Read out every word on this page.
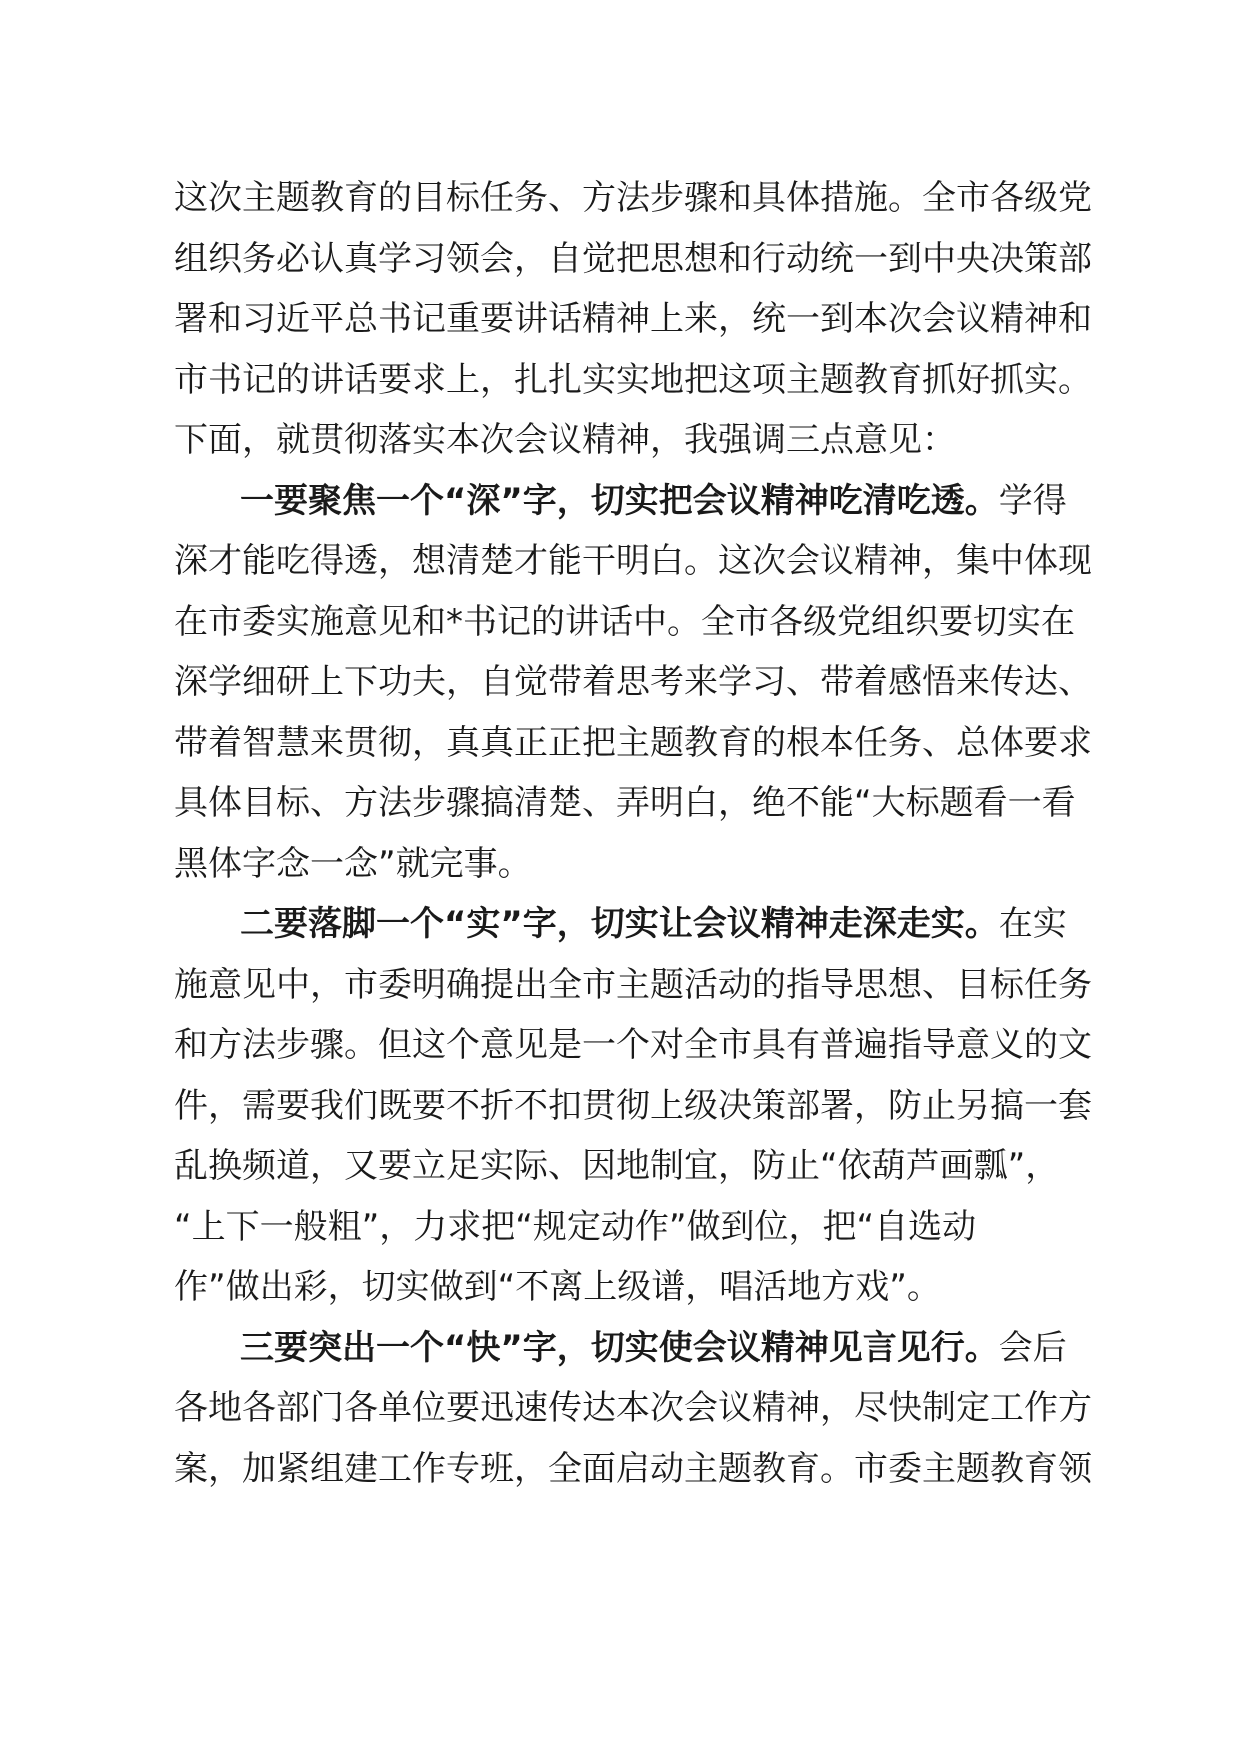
这次主题教育的目标任务、方法步骤和具体措施。全市各级党
组织务必认真学习领会，自觉把思想和行动统一到中央决策部
署和习近平总书记重要讲话精神上来，统一到本次会议精神和
市书记的讲话要求上，扎扎实实地把这项主题教育抓好抓实。
下面，就贯彻落实本次会议精神，我强调三点意见：
一要聚焦一个“深”字，切实把会议精神吃清吃透。学得
深才能吃得透，想清楚才能干明白。这次会议精神，集中体现
在市委实施意见和*书记的讲话中。全市各级党组织要切实在
深学细研上下功夫，自觉带着思考来学习、带着感悟来传达、
带着智慧来贯彻，真真正正把主题教育的根本任务、总体要求
具体目标、方法步骤搞清楚、弄明白，绝不能“大标题看一看
黑体字念一念”就完事。
二要落脚一个“实”字，切实让会议精神走深走实。在实
施意见中，市委明确提出全市主题活动的指导思想、目标任务
和方法步骤。但这个意见是一个对全市具有普遍指导意义的文
件，需要我们既要不折不扣贯彻上级决策部署，防止另搞一套
乱换频道，又要立足实际、因地制宜，防止“依葫芦画瓢”，
“上下一般粗”，力求把“规定动作”做到位，把“自选动
作”做出彩，切实做到“不离上级谱，唱活地方戏”。
三要突出一个“快”字，切实使会议精神见言见行。会后
各地各部门各单位要迅速传达本次会议精神，尽快制定工作方
案，加紧组建工作专班，全面启动主题教育。市委主题教育领
